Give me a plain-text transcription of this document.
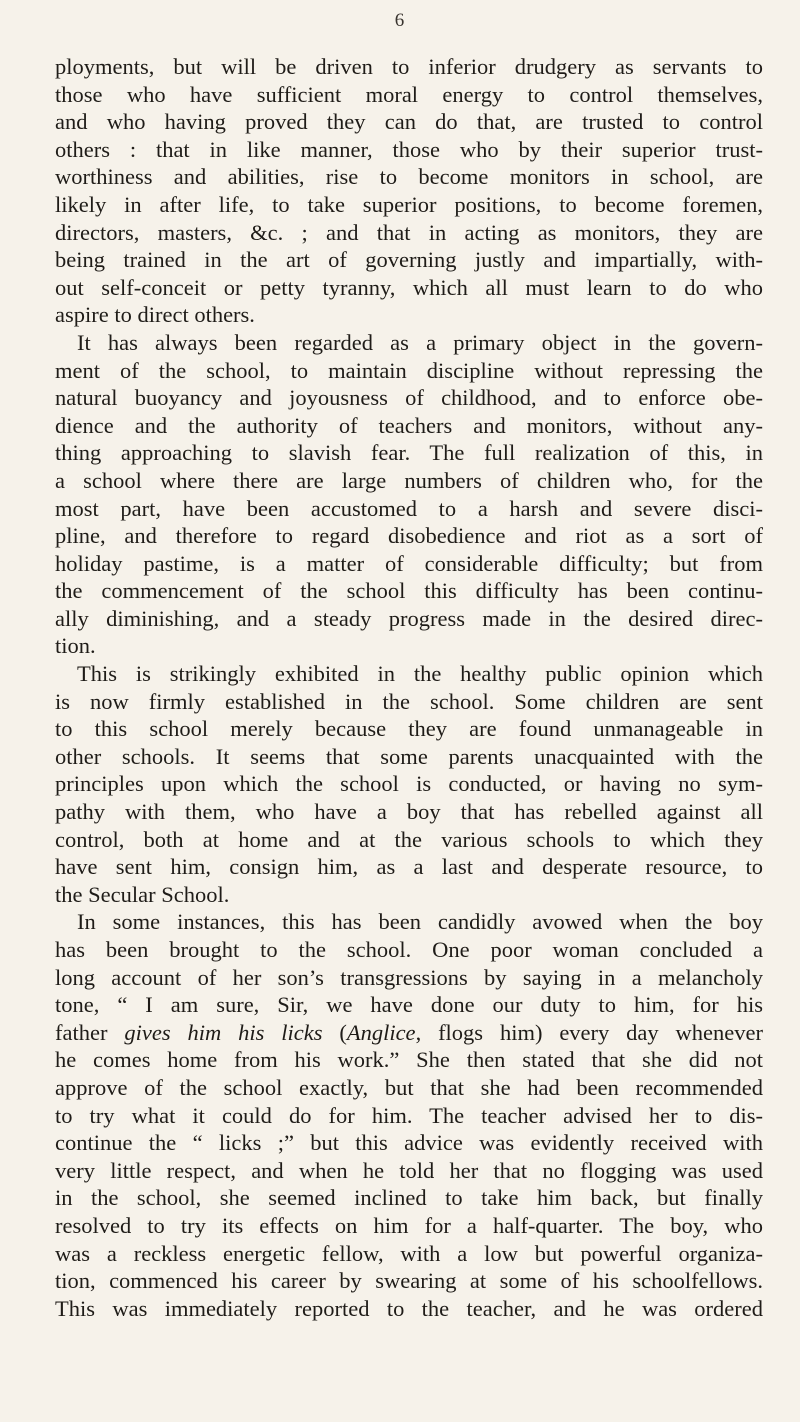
6
ployments, but will be driven to inferior drudgery as servants to
those who have sufficient moral energy to control themselves,
and who having proved they can do that, are trusted to control
others : that in like manner, those who by their superior trust-
worthiness and abilities, rise to become monitors in school, are
likely in after life, to take superior positions, to become foremen,
directors, masters, &c. ; and that in acting as monitors, they are
being trained in the art of governing justly and impartially, with-
out self-conceit or petty tyranny, which all must learn to do who
aspire to direct others.
It has always been regarded as a primary object in the govern-
ment of the school, to maintain discipline without repressing the
natural buoyancy and joyousness of childhood, and to enforce obe-
dience and the authority of teachers and monitors, without any-
thing approaching to slavish fear. The full realization of this, in
a school where there are large numbers of children who, for the
most part, have been accustomed to a harsh and severe disci-
pline, and therefore to regard disobedience and riot as a sort of
holiday pastime, is a matter of considerable difficulty; but from
the commencement of the school this difficulty has been continu-
ally diminishing, and a steady progress made in the desired direc-
tion.
This is strikingly exhibited in the healthy public opinion which
is now firmly established in the school. Some children are sent
to this school merely because they are found unmanageable in
other schools. It seems that some parents unacquainted with the
principles upon which the school is conducted, or having no sym-
pathy with them, who have a boy that has rebelled against all
control, both at home and at the various schools to which they
have sent him, consign him, as a last and desperate resource, to
the Secular School.
In some instances, this has been candidly avowed when the boy
has been brought to the school. One poor woman concluded a
long account of her son’s transgressions by saying in a melancholy
tone, “ I am sure, Sir, we have done our duty to him, for his
father gives him his licks (Anglice, flogs him) every day whenever
he comes home from his work.” She then stated that she did not
approve of the school exactly, but that she had been recommended
to try what it could do for him. The teacher advised her to dis-
continue the “ licks ;” but this advice was evidently received with
very little respect, and when he told her that no flogging was used
in the school, she seemed inclined to take him back, but finally
resolved to try its effects on him for a half-quarter. The boy, who
was a reckless energetic fellow, with a low but powerful organiza-
tion, commenced his career by swearing at some of his schoolfellows.
This was immediately reported to the teacher, and he was ordered
